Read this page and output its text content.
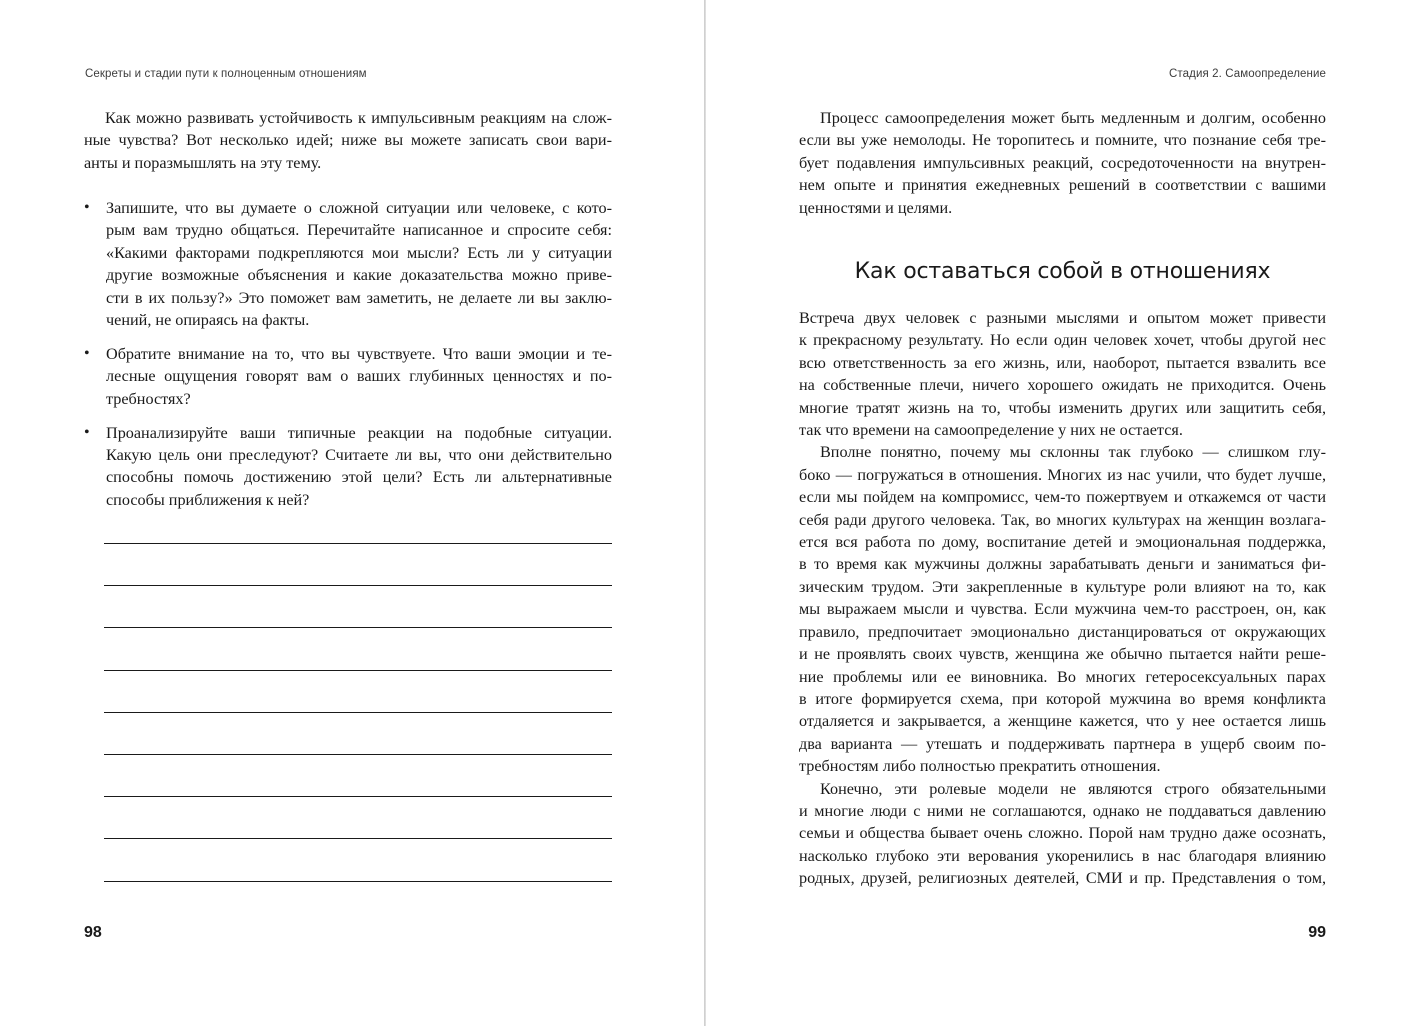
Секреты и стадии пути к полноценным отношениям

Как можно развивать устойчивость к импульсивным реакциям на слож-
ные чувства? Вот несколько идей; ниже вы можете записать свои вари-
анты и поразмышлять на эту тему.

• Запишите, что вы думаете о сложной ситуации или человеке, с кото-
рым вам трудно общаться. Перечитайте написанное и спросите себя:
«Какими факторами подкрепляются мои мысли? Есть ли у ситуации
другие возможные объяснения и какие доказательства можно приве-
сти в их пользу?» Это поможет вам заметить, не делаете ли вы заклю-
чений, не опираясь на факты.

• Обратите внимание на то, что вы чувствуете. Что ваши эмоции и те-
лесные ощущения говорят вам о ваших глубинных ценностях и по-
требностях?

• Проанализируйте ваши типичные реакции на подобные ситуации.
Какую цель они преследуют? Считаете ли вы, что они действительно
способны помочь достижению этой цели? Есть ли альтернативные
способы приближения к ней?

98
Стадия 2. Самоопределение
99

Процесс самоопределения может быть медленным и долгим, особенно
если вы уже немолоды. Не торопитесь и помните, что познание себя тре-
бует подавления импульсивных реакций, сосредоточенности на внутрен-
нем опыте и принятия ежедневных решений в соответствии с вашими
ценностями и целями.

Как оставаться собой в отношениях

Встреча двух человек с разными мыслями и опытом может привести
к прекрасному результату. Но если один человек хочет, чтобы другой нес
всю ответственность за его жизнь, или, наоборот, пытается взвалить все
на собственные плечи, ничего хорошего ожидать не приходится. Очень
многие тратят жизнь на то, чтобы изменить других или защитить себя,
так что времени на самоопределение у них не остается.

Вполне понятно, почему мы склонны так глубоко — слишком глу-
боко — погружаться в отношения. Многих из нас учили, что будет лучше,
если мы пойдем на компромисс, чем-то пожертвуем и откажемся от части
себя ради другого человека. Так, во многих культурах на женщин возлага-
ется вся работа по дому, воспитание детей и эмоциональная поддержка,
в то время как мужчины должны зарабатывать деньги и заниматься фи-
зическим трудом. Эти закрепленные в культуре роли влияют на то, как
мы выражаем мысли и чувства. Если мужчина чем-то расстроен, он, как
правило, предпочитает эмоционально дистанцироваться от окружающих
и не проявлять своих чувств, женщина же обычно пытается найти реше-
ние проблемы или ее виновника. Во многих гетеросексуальных парах
в итоге формируется схема, при которой мужчина во время конфликта
отдаляется и закрывается, а женщине кажется, что у нее остается лишь
два варианта — утешать и поддерживать партнера в ущерб своим по-
требностям либо полностью прекратить отношения.

Конечно, эти ролевые модели не являются строго обязательными
и многие люди с ними не соглашаются, однако не поддаваться давлению
семьи и общества бывает очень сложно. Порой нам трудно даже осознать,
насколько глубоко эти верования укоренились в нас благодаря влиянию
родных, друзей, религиозных деятелей, СМИ и пр. Представления о том,
